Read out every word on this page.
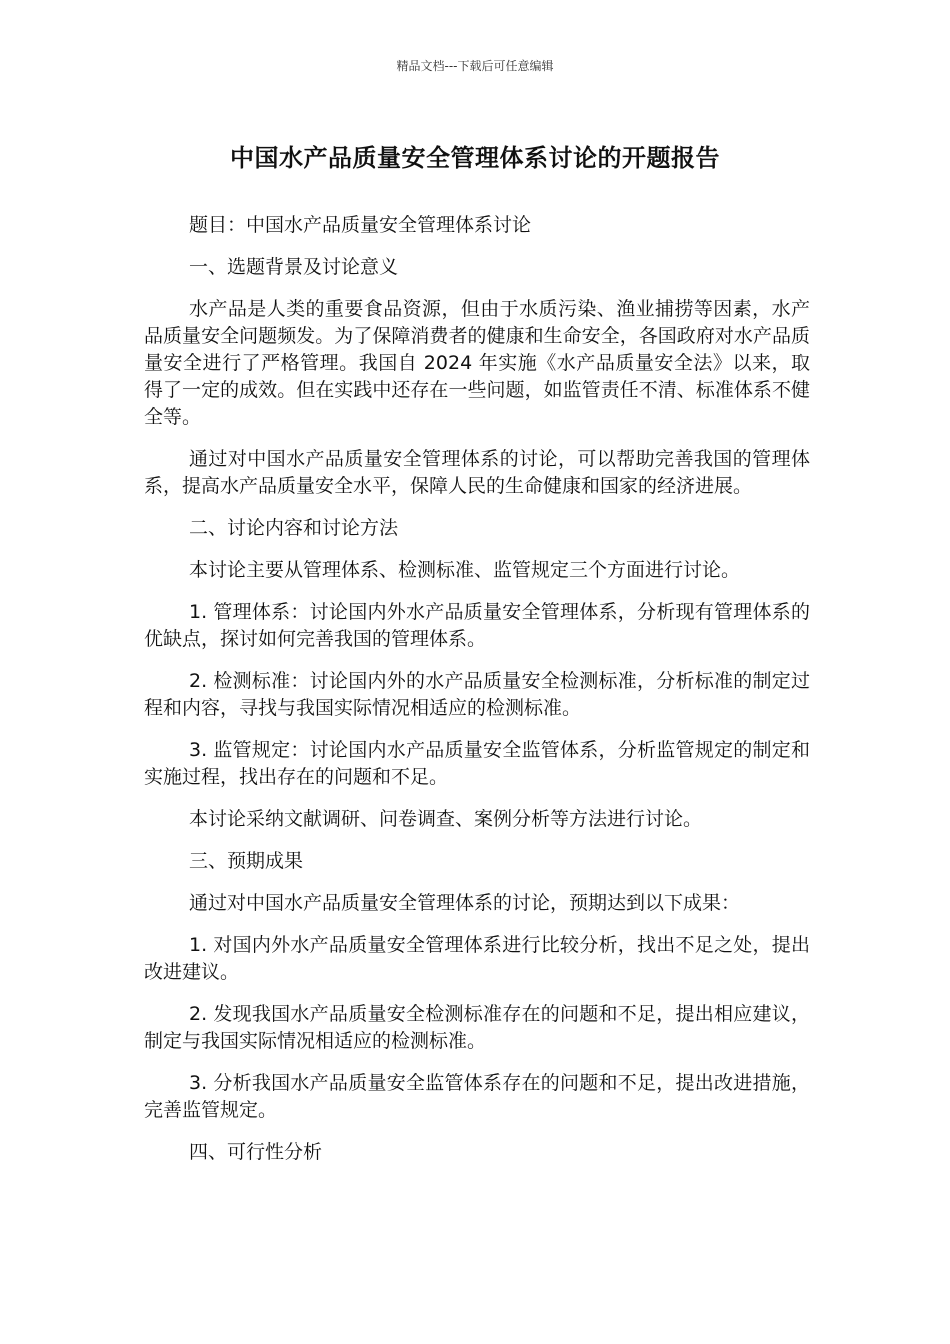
精品文档---下载后可任意编辑
中国水产品质量安全管理体系讨论的开题报告

题目：中国水产品质量安全管理体系讨论

一、选题背景及讨论意义

水产品是人类的重要食品资源，但由于水质污染、渔业捕捞等因素，水产品质量安全问题频发。为了保障消费者的健康和生命安全，各国政府对水产品质量安全进行了严格管理。我国自 2024 年实施《水产品质量安全法》以来，取得了一定的成效。但在实践中还存在一些问题，如监管责任不清、标准体系不健全等。

通过对中国水产品质量安全管理体系的讨论，可以帮助完善我国的管理体系，提高水产品质量安全水平，保障人民的生命健康和国家的经济进展。

二、讨论内容和讨论方法

本讨论主要从管理体系、检测标准、监管规定三个方面进行讨论。

1. 管理体系：讨论国内外水产品质量安全管理体系，分析现有管理体系的优缺点，探讨如何完善我国的管理体系。

2. 检测标准：讨论国内外的水产品质量安全检测标准，分析标准的制定过程和内容，寻找与我国实际情况相适应的检测标准。

3. 监管规定：讨论国内水产品质量安全监管体系，分析监管规定的制定和实施过程，找出存在的问题和不足。

本讨论采纳文献调研、问卷调查、案例分析等方法进行讨论。

三、预期成果

通过对中国水产品质量安全管理体系的讨论，预期达到以下成果：

1. 对国内外水产品质量安全管理体系进行比较分析，找出不足之处，提出改进建议。

2. 发现我国水产品质量安全检测标准存在的问题和不足，提出相应建议，制定与我国实际情况相适应的检测标准。

3. 分析我国水产品质量安全监管体系存在的问题和不足，提出改进措施，完善监管规定。

四、可行性分析
